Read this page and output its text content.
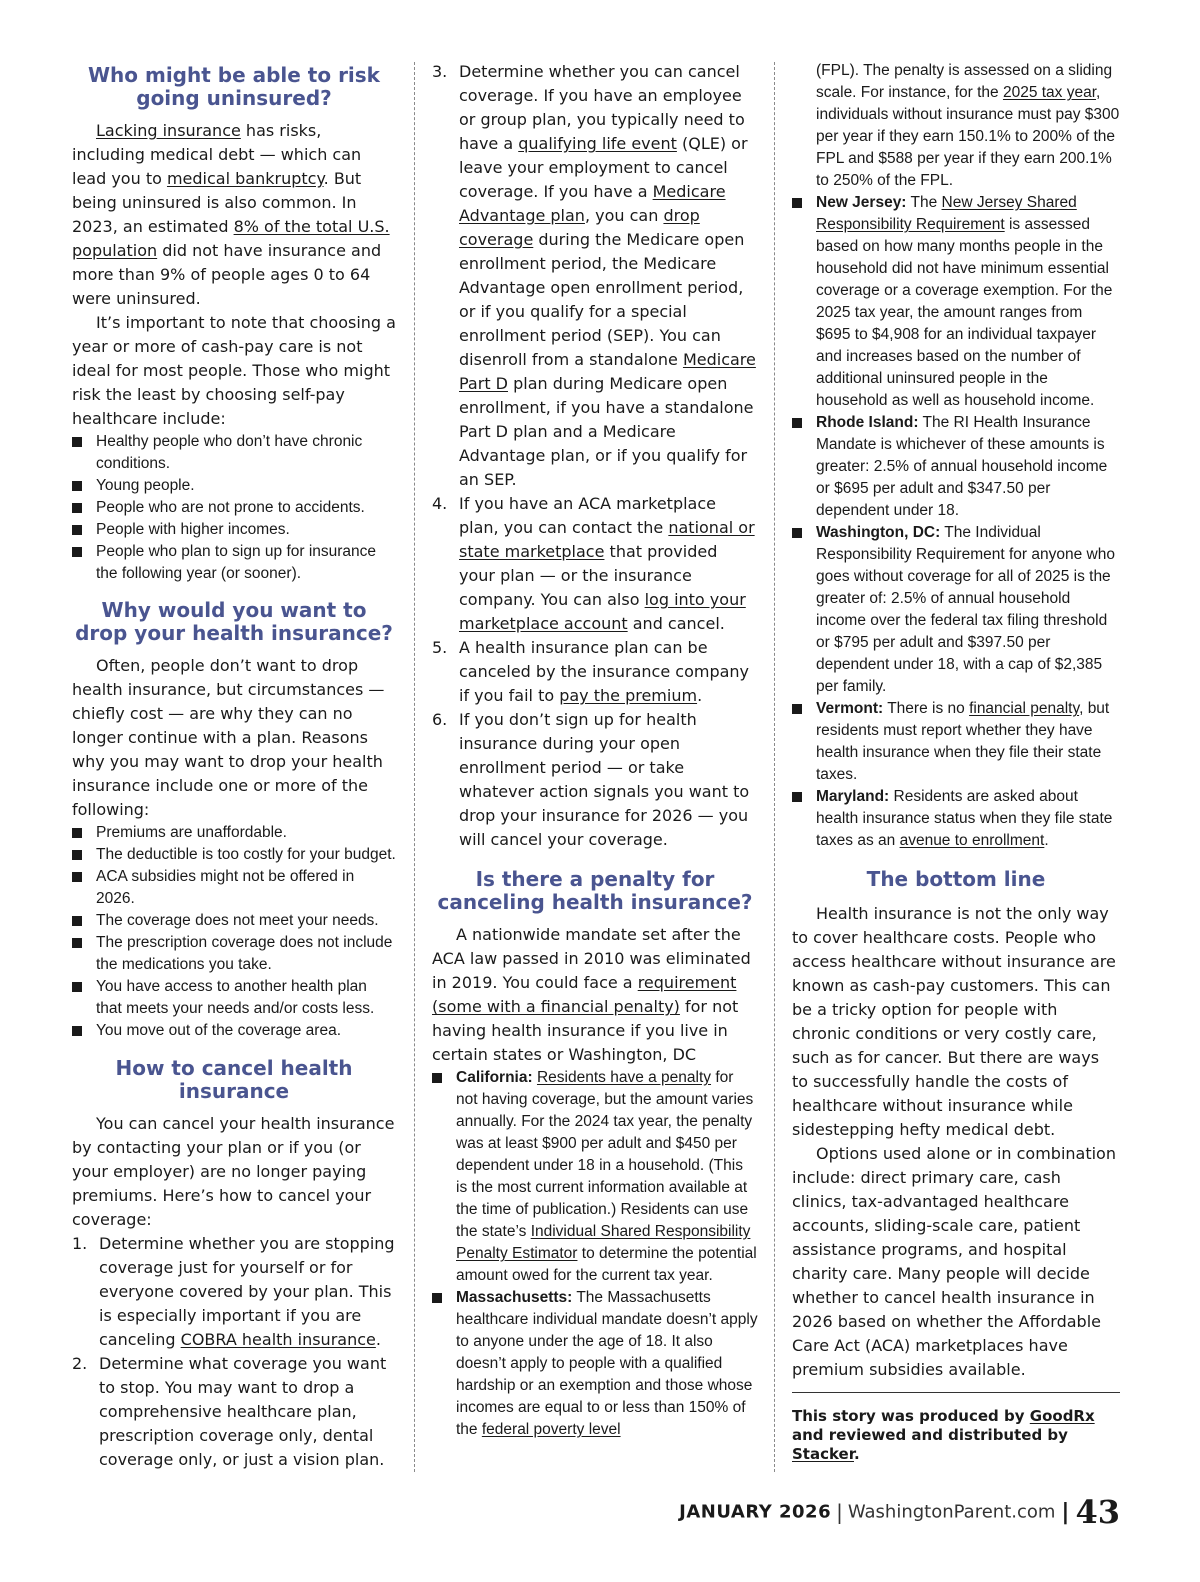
Who might be able to risk going uninsured?

Lacking insurance has risks, including medical debt — which can lead you to medical bankruptcy. But being uninsured is also common. In 2023, an estimated 8% of the total U.S. population did not have insurance and more than 9% of people ages 0 to 64 were uninsured.

It’s important to note that choosing a year or more of cash-pay care is not ideal for most people. Those who might risk the least by choosing self-pay healthcare include:

Healthy people who don’t have chronic conditions.
Young people.
People who are not prone to accidents.
People with higher incomes.
People who plan to sign up for insurance the following year (or sooner).
Why would you want to drop your health insurance?

Often, people don’t want to drop health insurance, but circumstances — chiefly cost — are why they can no longer continue with a plan. Reasons why you may want to drop your health insurance include one or more of the following:

Premiums are unaffordable.
The deductible is too costly for your budget.
ACA subsidies might not be offered in 2026.
The coverage does not meet your needs.
The prescription coverage does not include the medications you take.
You have access to another health plan that meets your needs and/or costs less.
You move out of the coverage area.
How to cancel health insurance

You can cancel your health insurance by contacting your plan or if you (or your employer) are no longer paying premiums. Here’s how to cancel your coverage:

1. Determine whether you are stopping coverage just for yourself or for everyone covered by your plan. This is especially important if you are canceling COBRA health insurance.
2. Determine what coverage you want to stop. You may want to drop a comprehensive healthcare plan, prescription coverage only, dental coverage only, or just a vision plan.
3. Determine whether you can cancel coverage. If you have an employee or group plan, you typically need to have a qualifying life event (QLE) or leave your employment to cancel coverage. If you have a Medicare Advantage plan, you can drop coverage during the Medicare open enrollment period, the Medicare Advantage open enrollment period, or if you qualify for a special enrollment period (SEP). You can disenroll from a standalone Medicare Part D plan during Medicare open enrollment, if you have a standalone Part D plan and a Medicare Advantage plan, or if you qualify for an SEP.
4. If you have an ACA marketplace plan, you can contact the national or state marketplace that provided your plan — or the insurance company. You can also log into your marketplace account and cancel.
5. A health insurance plan can be canceled by the insurance company if you fail to pay the premium.
6. If you don’t sign up for health insurance during your open enrollment period — or take whatever action signals you want to drop your insurance for 2026 — you will cancel your coverage.
Is there a penalty for canceling health insurance?

A nationwide mandate set after the ACA law passed in 2010 was eliminated in 2019. You could face a requirement (some with a financial penalty) for not having health insurance if you live in certain states or Washington, DC

California: Residents have a penalty for not having coverage, but the amount varies annually. For the 2024 tax year, the penalty was at least $900 per adult and $450 per dependent under 18 in a household. (This is the most current information available at the time of publication.) Residents can use the state’s Individual Shared Responsibility Penalty Estimator to determine the potential amount owed for the current tax year.
Massachusetts: The Massachusetts healthcare individual mandate doesn’t apply to anyone under the age of 18. It also doesn’t apply to people with a qualified hardship or an exemption and those whose incomes are equal to or less than 150% of the federal poverty level

(FPL). The penalty is assessed on a sliding scale. For instance, for the 2025 tax year, individuals without insurance must pay $300 per year if they earn 150.1% to 200% of the FPL and $588 per year if they earn 200.1% to 250% of the FPL.

New Jersey: The New Jersey Shared Responsibility Requirement is assessed based on how many months people in the household did not have minimum essential coverage or a coverage exemption. For the 2025 tax year, the amount ranges from $695 to $4,908 for an individual taxpayer and increases based on the number of additional uninsured people in the household as well as household income.
Rhode Island: The RI Health Insurance Mandate is whichever of these amounts is greater: 2.5% of annual household income or $695 per adult and $347.50 per dependent under 18.
Washington, DC: The Individual Responsibility Requirement for anyone who goes without coverage for all of 2025 is the greater of: 2.5% of annual household income over the federal tax filing threshold or $795 per adult and $397.50 per dependent under 18, with a cap of $2,385 per family.
Vermont: There is no financial penalty, but residents must report whether they have health insurance when they file their state taxes.
Maryland: Residents are asked about health insurance status when they file state taxes as an avenue to enrollment.
The bottom line

Health insurance is not the only way to cover healthcare costs. People who access healthcare without insurance are known as cash-pay customers. This can be a tricky option for people with chronic conditions or very costly care, such as for cancer. But there are ways to successfully handle the costs of healthcare without insurance while sidestepping hefty medical debt.

Options used alone or in combination include: direct primary care, cash clinics, tax-advantaged healthcare accounts, sliding-scale care, patient assistance programs, and hospital charity care. Many people will decide whether to cancel health insurance in 2026 based on whether the Affordable Care Act (ACA) marketplaces have premium subsidies available.

This story was produced by GoodRx and reviewed and distributed by Stacker.

JANUARY 2026 | WashingtonParent.com | 43
